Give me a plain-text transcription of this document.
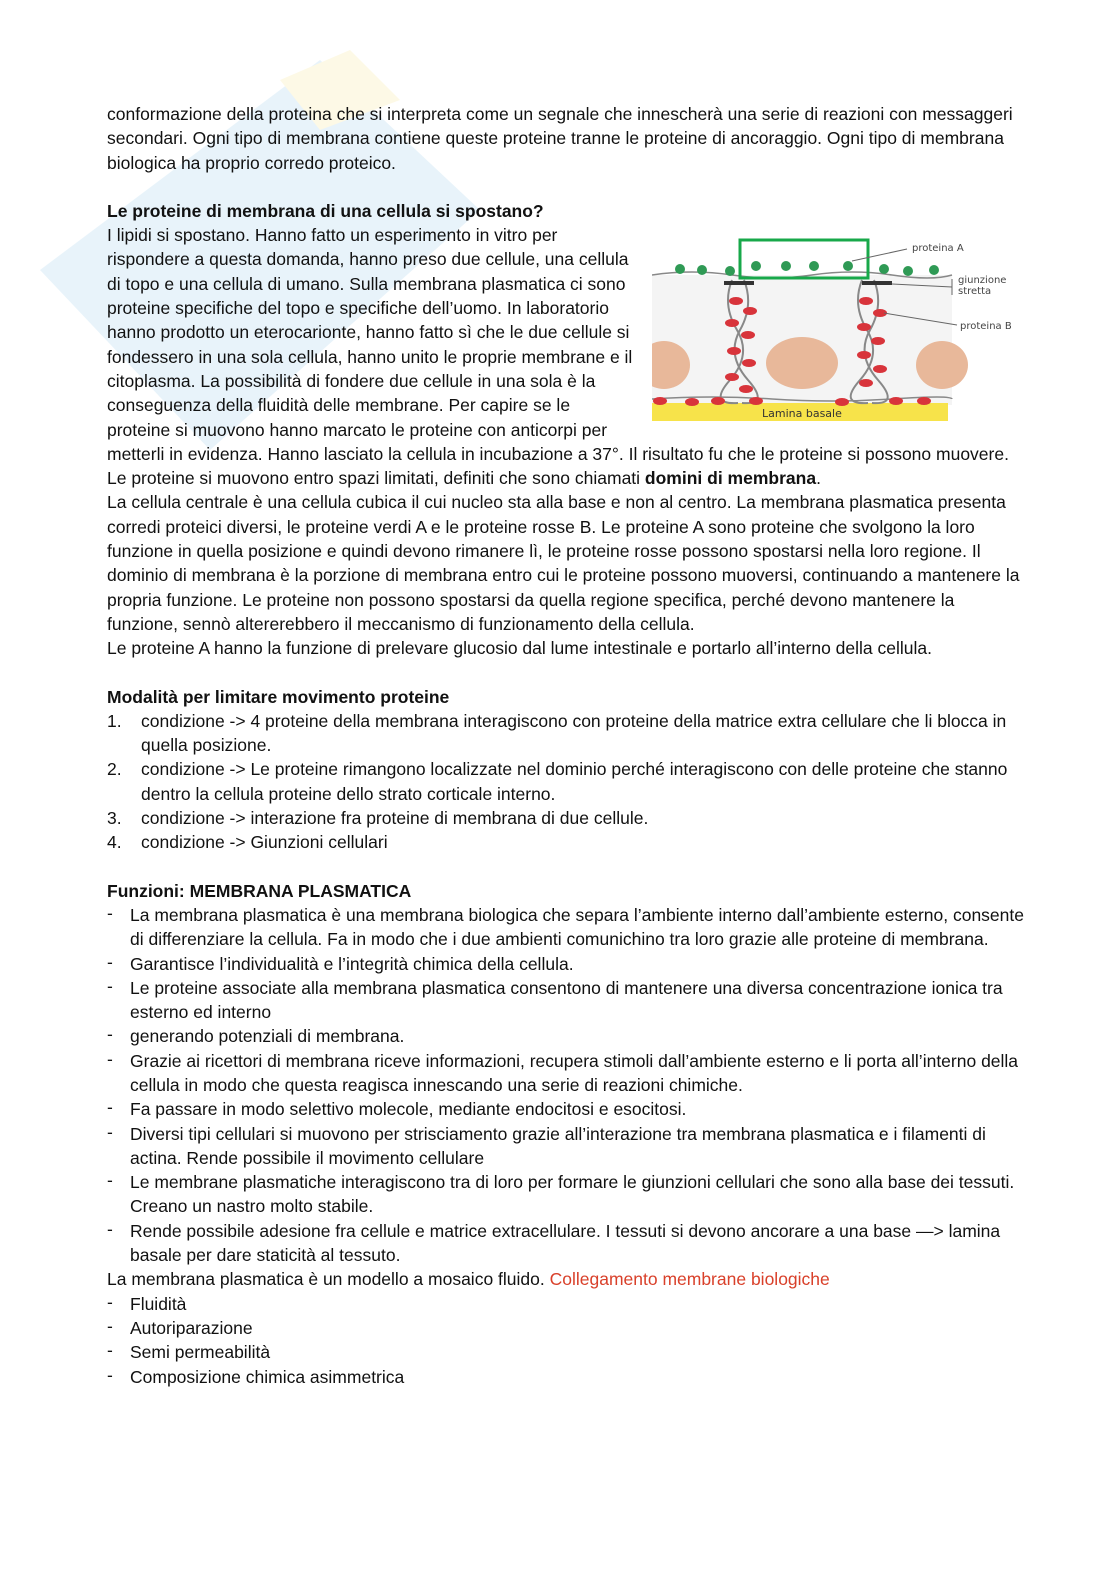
conformazione della proteina che si interpreta come un segnale che innescherà una serie di reazioni con messaggeri secondari. Ogni tipo di membrana contiene queste proteine tranne le proteine di ancoraggio. Ogni tipo di membrana biologica ha proprio corredo proteico.

Le proteine di membrana di una cellula si spostano?

proteina A
giunzione
stretta
proteina B
Lamina basale

I lipidi si spostano. Hanno fatto un esperimento in vitro per rispondere a questa domanda, hanno preso due cellule, una cellula di topo e una cellula di umano. Sulla membrana plasmatica ci sono proteine specifiche del topo e specifiche dell’uomo. In laboratorio hanno prodotto un eterocarionte, hanno fatto sì che le due cellule si fondessero in una sola cellula, hanno unito le proprie membrane e il citoplasma. La possibilità di fondere due cellule in una sola è la conseguenza della fluidità delle membrane. Per capire se le proteine si muovono hanno marcato le proteine con anticorpi per metterli in evidenza. Hanno lasciato la cellula in incubazione a 37°. Il risultato fu che le proteine si possono muovere. Le proteine si muovono entro spazi limitati, definiti che sono chiamati domini di membrana.

La cellula centrale è una cellula cubica il cui nucleo sta alla base e non al centro. La membrana plasmatica presenta corredi proteici diversi, le proteine verdi A e le proteine rosse B. Le proteine A sono proteine che svolgono la loro funzione in quella posizione e quindi devono rimanere lì, le proteine rosse possono spostarsi nella loro regione. Il dominio di membrana è la porzione di membrana entro cui le proteine possono muoversi, continuando a mantenere la propria funzione. Le proteine non possono spostarsi da quella regione specifica, perché devono mantenere la funzione, sennò altererebbero il meccanismo di funzionamento della cellula.

Le proteine A hanno la funzione di prelevare glucosio dal lume intestinale e portarlo all’interno della cellula.

Modalità per limitare movimento proteine

1. condizione -> 4 proteine della membrana interagiscono con proteine della matrice extra cellulare che li blocca in quella posizione.
2. condizione -> Le proteine rimangono localizzate nel dominio perché interagiscono con delle proteine che stanno dentro la cellula proteine dello strato corticale interno.
3. condizione -> interazione fra proteine di membrana di due cellule.
4. condizione -> Giunzioni cellulari

Funzioni: MEMBRANA PLASMATICA

- La membrana plasmatica è una membrana biologica che separa l’ambiente interno dall’ambiente esterno, consente di differenziare la cellula. Fa in modo che i due ambienti comunichino tra loro grazie alle proteine di membrana.
- Garantisce l’individualità e l’integrità chimica della cellula.
- Le proteine associate alla membrana plasmatica consentono di mantenere una diversa concentrazione ionica tra esterno ed interno
- generando potenziali di membrana.
- Grazie ai ricettori di membrana riceve informazioni, recupera stimoli dall’ambiente esterno e li porta all’interno della cellula in modo che questa reagisca innescando una serie di reazioni chimiche.
- Fa passare in modo selettivo molecole, mediante endocitosi e esocitosi.
- Diversi tipi cellulari si muovono per strisciamento grazie all’interazione tra membrana plasmatica e i filamenti di actina. Rende possibile il movimento cellulare
- Le membrane plasmatiche interagiscono tra di loro per formare le giunzioni cellulari che sono alla base dei tessuti. Creano un nastro molto stabile.
- Rende possibile adesione fra cellule e matrice extracellulare. I tessuti si devono ancorare a una base —> lamina basale per dare staticità al tessuto.

La membrana plasmatica è un modello a mosaico fluido. Collegamento membrane biologiche

- Fluidità
- Autoriparazione
- Semi permeabilità
- Composizione chimica asimmetrica
